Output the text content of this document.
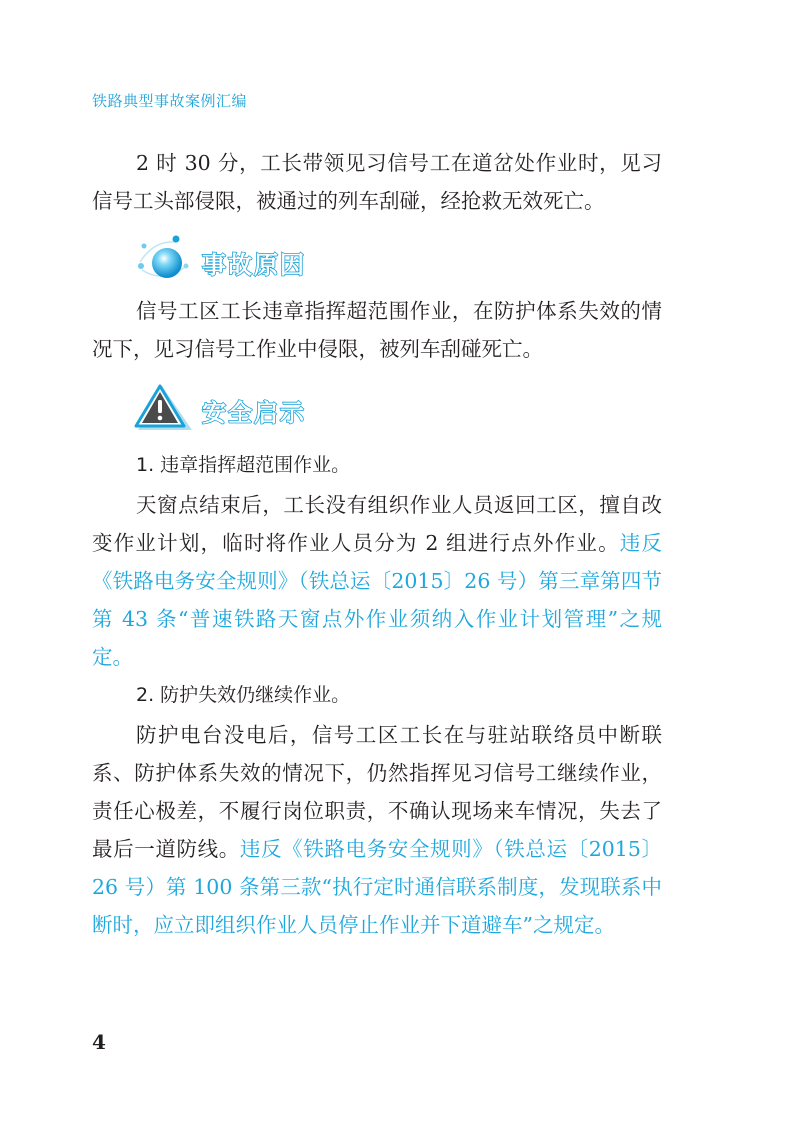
铁路典型事故案例汇编

2 时 30 分，工长带领见习信号工在道岔处作业时，见习信号工头部侵限，被通过的列车刮碰，经抢救无效死亡。

事故原因

信号工区工长违章指挥超范围作业，在防护体系失效的情况下，见习信号工作业中侵限，被列车刮碰死亡。

安全启示
1. 违章指挥超范围作业。

天窗点结束后，工长没有组织作业人员返回工区，擅自改变作业计划，临时将作业人员分为 2 组进行点外作业。违反《铁路电务安全规则》（铁总运〔2015〕26 号）第三章第四节第 43 条“普速铁路天窗点外作业须纳入作业计划管理”之规定。

2. 防护失效仍继续作业。

防护电台没电后，信号工区工长在与驻站联络员中断联系、防护体系失效的情况下，仍然指挥见习信号工继续作业，责任心极差，不履行岗位职责，不确认现场来车情况，失去了最后一道防线。违反《铁路电务安全规则》（铁总运〔2015〕26 号）第 100 条第三款“执行定时通信联系制度，发现联系中断时，应立即组织作业人员停止作业并下道避车”之规定。

4
